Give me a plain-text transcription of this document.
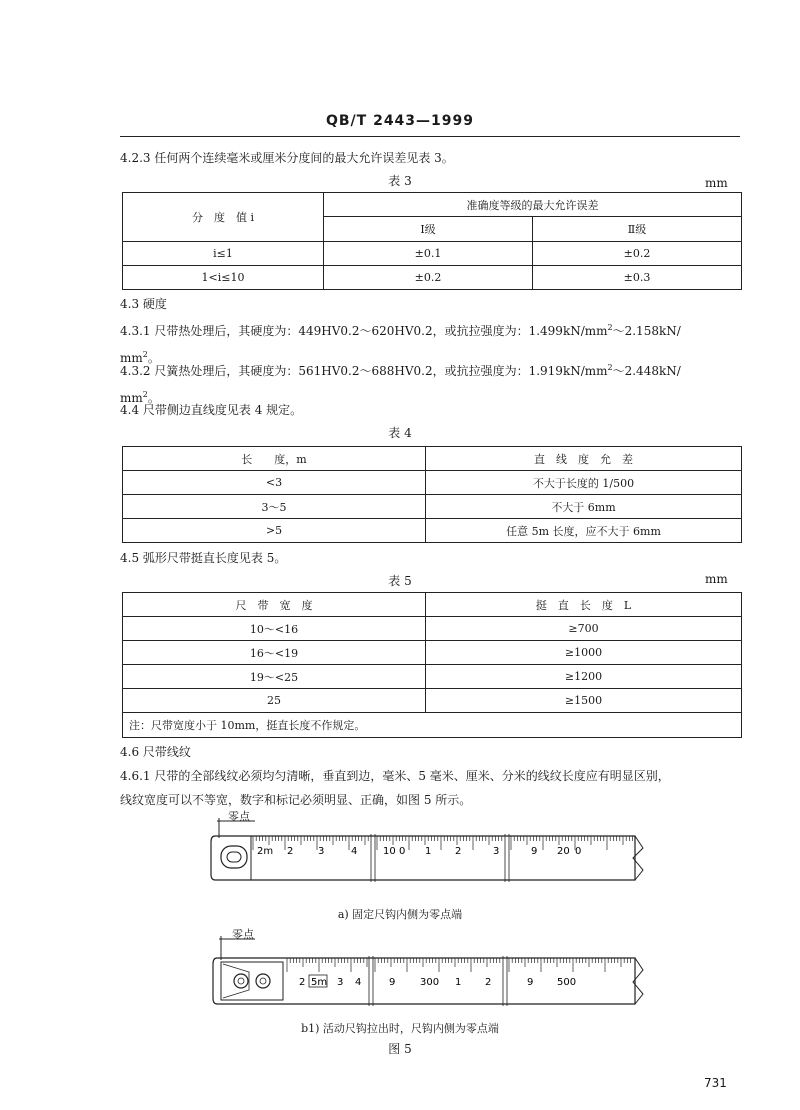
QB/T 2443—1999
4.2.3 任何两个连续毫米或厘米分度间的最大允许误差见表 3。
表 3	mm
分　度　值 i	准确度等级的最大允许误差	
	Ⅰ级	Ⅱ级
i≤1	±0.1	±0.2
1<i≤10	±0.2	±0.3
4.3 硬度
4.3.1 尺带热处理后，其硬度为：449HV0.2～620HV0.2，或抗拉强度为：$1.499kN/mm^2\sim 2.158kN/$
$mm^2$。
4.3.2 尺簧热处理后，其硬度为：561HV0.2～688HV0.2，或抗拉强度为：$1.919kN/mm^2\sim 2.448kN/$
$mm^2$。
4.4 尺带侧边直线度见表 4 规定。
表 4
长　　度，m	直　线　度　允　差
<3	不大于长度的 1/500
3～5	不大于 6mm
>5	任意 5m 长度，应不大于 6mm
4.5 弧形尺带挺直长度见表 5。
表 5	mm
尺　带　宽　度	挺　直　长　度　L
10～<16	≥700
16～<19	≥1000
19～<25	≥1200
25	≥1500
注：尺带宽度小于 10mm，挺直长度不作规定。	
4.6 尺带线纹
4.6.1 尺带的全部线纹必须均匀清晰，垂直到边，毫米、5 毫米、厘米、分米的线纹长度应有明显区别，
线纹宽度可以不等宽，数字和标记必须明显、正确，如图 5 所示。
零点
2m 2 3	4	10 0 1 2	3	9 20 0
a) 固定尺钩内侧为零点端
零点
2 5m 3 4	9 300 1 2	9 500
b1) 活动尺钩拉出时，尺钩内侧为零点端
图 5
731
